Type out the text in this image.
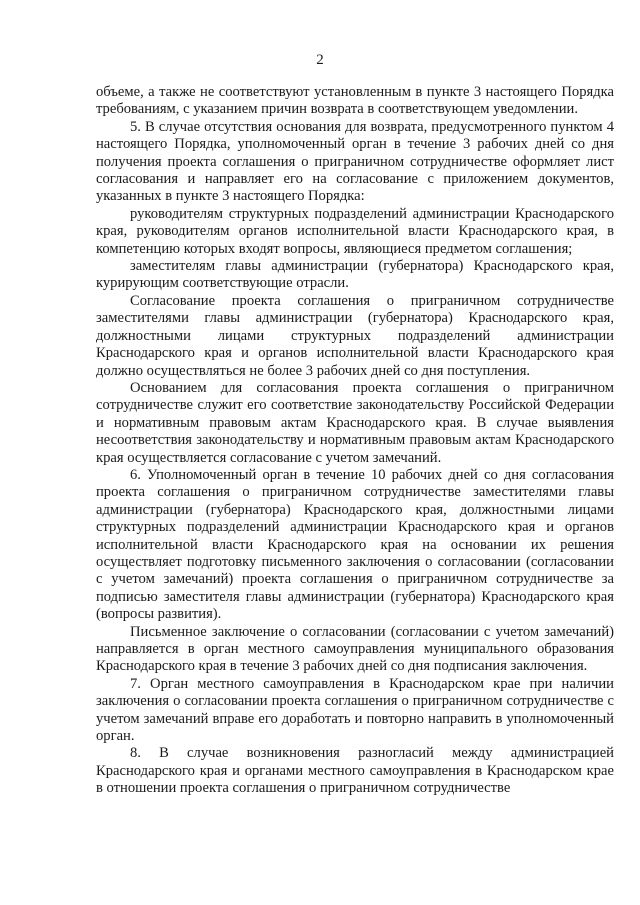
2

объеме, а также не соответствуют установленным в пункте 3 настоящего Порядка требованиям, с указанием причин возврата в соответствующем уведомлении.

5. В случае отсутствия основания для возврата, предусмотренного пунктом 4 настоящего Порядка, уполномоченный орган в течение 3 рабочих дней со дня получения проекта соглашения о приграничном сотрудничестве оформляет лист согласования и направляет его на согласование с приложением документов, указанных в пункте 3 настоящего Порядка:

руководителям структурных подразделений администрации Краснодарского края, руководителям органов исполнительной власти Краснодарского края, в компетенцию которых входят вопросы, являющиеся предметом соглашения;

заместителям главы администрации (губернатора) Краснодарского края, курирующим соответствующие отрасли.

Согласование проекта соглашения о приграничном сотрудничестве заместителями главы администрации (губернатора) Краснодарского края, должностными лицами структурных подразделений администрации Краснодарского края и органов исполнительной власти Краснодарского края должно осуществляться не более 3 рабочих дней со дня поступления.

Основанием для согласования проекта соглашения о приграничном сотрудничестве служит его соответствие законодательству Российской Федерации и нормативным правовым актам Краснодарского края. В случае выявления несоответствия законодательству и нормативным правовым актам Краснодарского края осуществляется согласование с учетом замечаний.

6. Уполномоченный орган в течение 10 рабочих дней со дня согласования проекта соглашения о приграничном сотрудничестве заместителями главы администрации (губернатора) Краснодарского края, должностными лицами структурных подразделений администрации Краснодарского края и органов исполнительной власти Краснодарского края на основании их решения осуществляет подготовку письменного заключения о согласовании (согласовании с учетом замечаний) проекта соглашения о приграничном сотрудничестве за подписью заместителя главы администрации (губернатора) Краснодарского края (вопросы развития).

Письменное заключение о согласовании (согласовании с учетом замечаний) направляется в орган местного самоуправления муниципального образования Краснодарского края в течение 3 рабочих дней со дня подписания заключения.

7. Орган местного самоуправления в Краснодарском крае при наличии заключения о согласовании проекта соглашения о приграничном сотрудничестве с учетом замечаний вправе его доработать и повторно направить в уполномоченный орган.

8. В случае возникновения разногласий между администрацией Краснодарского края и органами местного самоуправления в Краснодарском крае в отношении проекта соглашения о приграничном сотрудничестве
